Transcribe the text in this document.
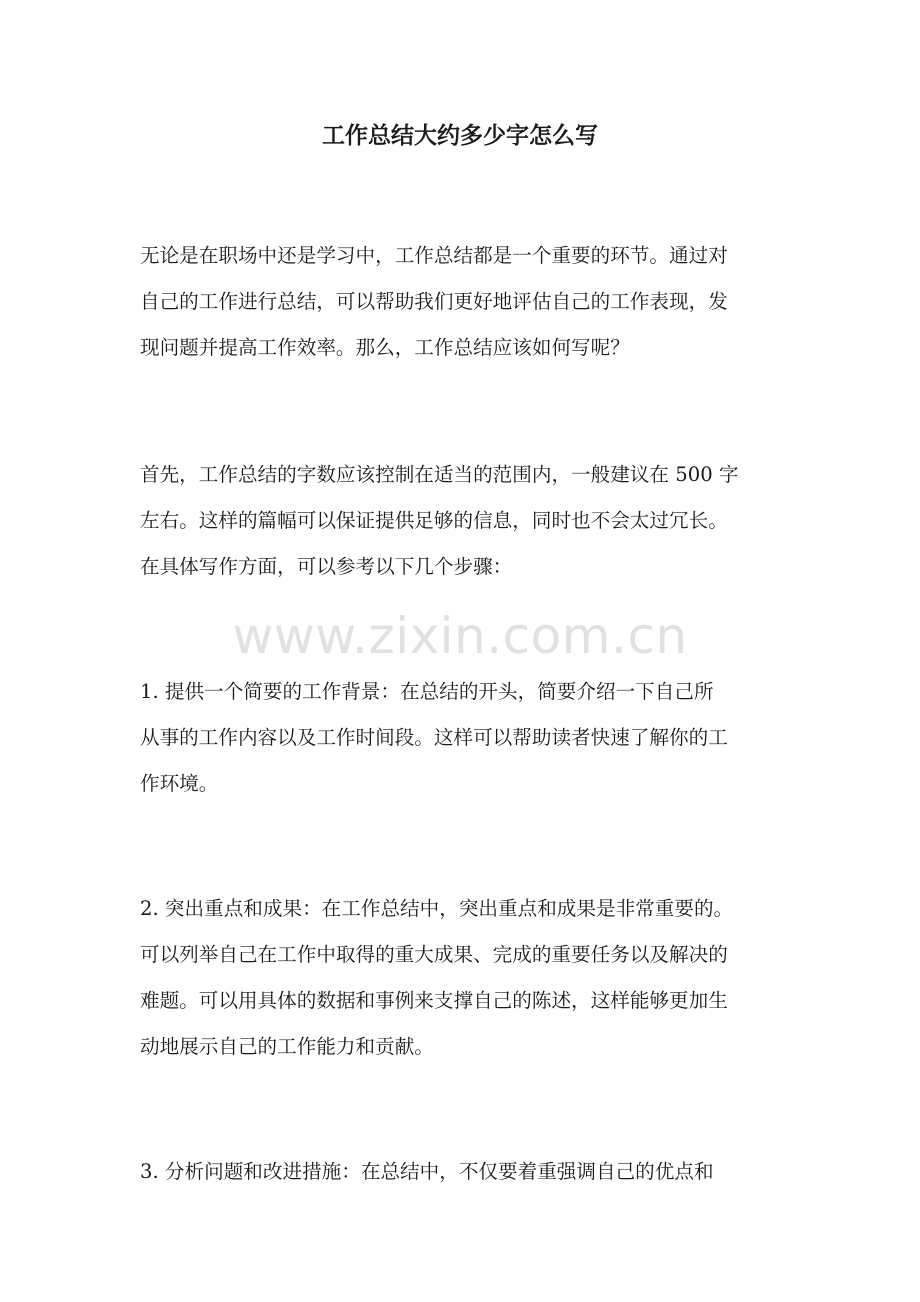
工作总结大约多少字怎么写

无论是在职场中还是学习中，工作总结都是一个重要的环节。通过对
自己的工作进行总结，可以帮助我们更好地评估自己的工作表现，发
现问题并提高工作效率。那么，工作总结应该如何写呢？

首先，工作总结的字数应该控制在适当的范围内，一般建议在 500 字
左右。这样的篇幅可以保证提供足够的信息，同时也不会太过冗长。
在具体写作方面，可以参考以下几个步骤：

www.zixin.com.cn

1. 提供一个简要的工作背景：在总结的开头，简要介绍一下自己所
从事的工作内容以及工作时间段。这样可以帮助读者快速了解你的工
作环境。

2. 突出重点和成果：在工作总结中，突出重点和成果是非常重要的。
可以列举自己在工作中取得的重大成果、完成的重要任务以及解决的
难题。可以用具体的数据和事例来支撑自己的陈述，这样能够更加生
动地展示自己的工作能力和贡献。

3. 分析问题和改进措施：在总结中，不仅要着重强调自己的优点和
